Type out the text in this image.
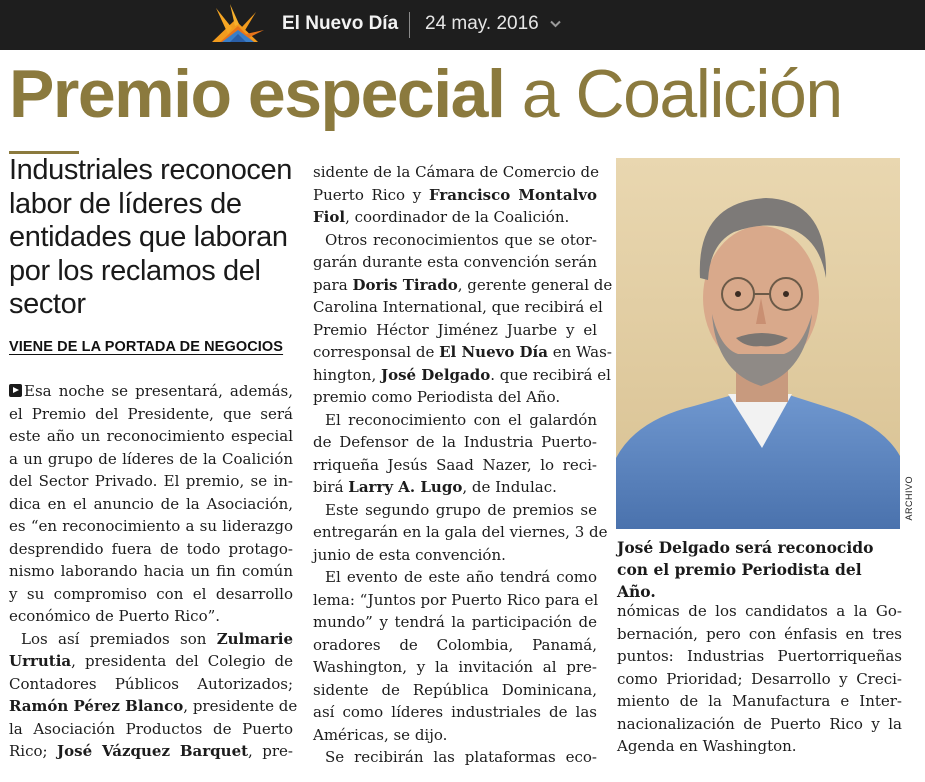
El Nuevo Día 24 may. 2016
Premio especial a Coalición
Industriales reconocen labor de líderes de entidades que laboran por los reclamos del sector
VIENE DE LA PORTADA DE NEGOCIOS
Esa noche se presentará, además,
el Premio del Presidente, que será
este año un reconocimiento especial
a un grupo de líderes de la Coalición
del Sector Privado. El premio, se in-
dica en el anuncio de la Asociación,
es “en reconocimiento a su liderazgo
desprendido fuera de todo protago-
nismo laborando hacia un fin común
y su compromiso con el desarrollo
económico de Puerto Rico”.
Los así premiados son Zulmarie
Urrutia, presidenta del Colegio de
Contadores Públicos Autorizados;
Ramón Pérez Blanco, presidente de
la Asociación Productos de Puerto
Rico; José Vázquez Barquet, pre-
sidente de la Cámara de Comercio de
Puerto Rico y Francisco Montalvo
Fiol, coordinador de la Coalición.
Otros reconocimientos que se otor-
garán durante esta convención serán
para Doris Tirado, gerente general de
Carolina International, que recibirá el
Premio Héctor Jiménez Juarbe y el
corresponsal de El Nuevo Día en Was-
hington, José Delgado. que recibirá el
premio como Periodista del Año.
El reconocimiento con el galardón
de Defensor de la Industria Puerto-
rriqueña Jesús Saad Nazer, lo reci-
birá Larry A. Lugo, de Indulac.
Este segundo grupo de premios se
entregarán en la gala del viernes, 3 de
junio de esta convención.
El evento de este año tendrá como
lema: “Juntos por Puerto Rico para el
mundo” y tendrá la participación de
oradores de Colombia, Panamá,
Washington, y la invitación al pre-
sidente de República Dominicana,
así como líderes industriales de las
Américas, se dijo.
Se recibirán las plataformas eco-
ARCHIVO
José Delgado será reconocido con el premio Periodista del Año.
nómicas de los candidatos a la Go-
bernación, pero con énfasis en tres
puntos: Industrias Puertorriqueñas
como Prioridad; Desarrollo y Creci-
miento de la Manufactura e Inter-
nacionalización de Puerto Rico y la
Agenda en Washington.
